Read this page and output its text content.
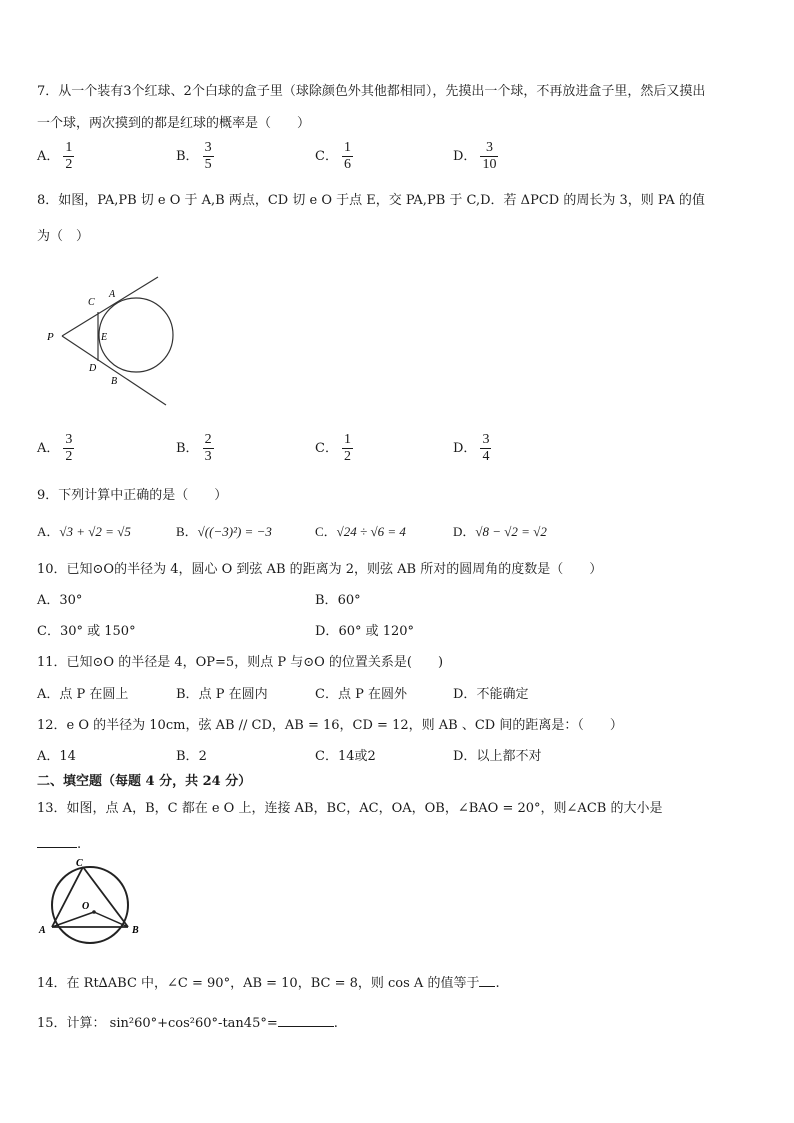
7．从一个装有3个红球、2个白球的盒子里（球除颜色外其他都相同），先摸出一个球，不再放进盒子里，然后又摸出
一个球，两次摸到的都是红球的概率是（　　）
A． $\frac{1}{2}$	B． $\frac{3}{5}$	C． $\frac{1}{6}$	D． $\frac{3}{10}$
8．如图，PA,PB 切 e O 于 A,B 两点，CD 切 e O 于点 E，交 PA,PB 于 C,D．若 ΔPCD 的周长为 3，则 PA 的值
为（　）
P
A
B
C
D
E
A． $\frac{3}{2}$	B． $\frac{2}{3}$	C． $\frac{1}{2}$	D． $\frac{3}{4}$
9．下列计算中正确的是（　　）
A．√3 + √2 = √5	B．√((−3)²) = −3	C．√24 ÷ √6 = 4	D．√8 − √2 = √2
10．已知⊙O的半径为 4，圆心 O 到弦 AB 的距离为 2，则弦 AB 所对的圆周角的度数是（　　）
A．30°	B．60°
C．30° 或 150°	D．60° 或 120°
11．已知⊙O 的半径是 4，OP=5，则点 P 与⊙O 的位置关系是(　　)
A．点 P 在圆上	B．点 P 在圆内	C．点 P 在圆外	D．不能确定
12．e O 的半径为 10cm，弦 AB // CD，AB = 16，CD = 12，则 AB 、CD 间的距离是：（　　）
A．14	B．2	C．14或2	D．以上都不对
二、填空题（每题 4 分，共 24 分）
13．如图，点 A，B，C 都在 e O 上，连接 AB，BC，AC，OA，OB，∠BAO = 20°，则∠ACB 的大小是
.
C
O
A	B
14．在 Rt∆ABC 中，∠C = 90°，AB = 10，BC = 8，则 cos A 的值等于 .
15．计算： sin²60°+cos²60°-tan45°=	.
